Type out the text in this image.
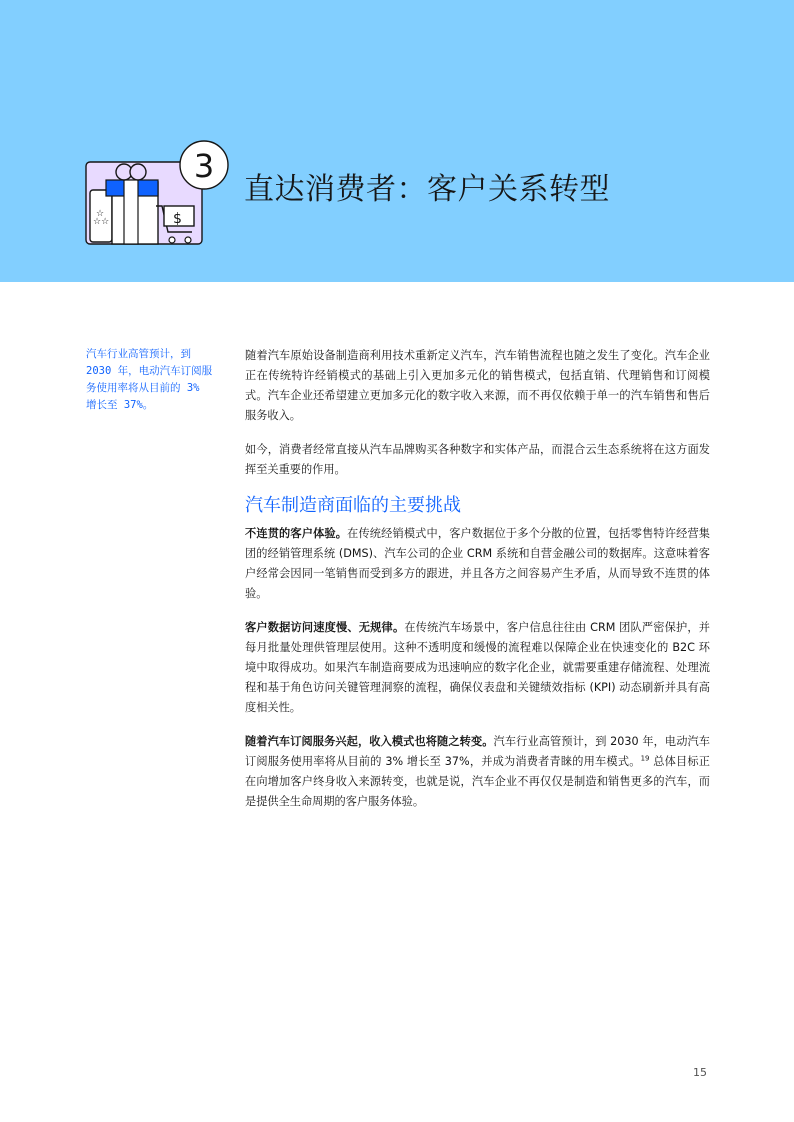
☆☆
☆	$
3
直达消费者：客户关系转型
汽车行业高管预计，到 2030 年，电动汽车订阅服务使用率将从目前的 3% 增长至 37%。

随着汽车原始设备制造商利用技术重新定义汽车，汽车销售流程也随之发生了变化。汽车企业正在传统特许经销模式的基础上引入更加多元化的销售模式，包括直销、代理销售和订阅模式。汽车企业还希望建立更加多元化的数字收入来源，而不再仅依赖于单一的汽车销售和售后服务收入。

如今，消费者经常直接从汽车品牌购买各种数字和实体产品，而混合云生态系统将在这方面发挥至关重要的作用。

汽车制造商面临的主要挑战

不连贯的客户体验。在传统经销模式中，客户数据位于多个分散的位置，包括零售特许经营集团的经销管理系统 (DMS)、汽车公司的企业 CRM 系统和自营金融公司的数据库。这意味着客户经常会因同一笔销售而受到多方的跟进，并且各方之间容易产生矛盾，从而导致不连贯的体验。

客户数据访问速度慢、无规律。在传统汽车场景中，客户信息往往由 CRM 团队严密保护，并每月批量处理供管理层使用。这种不透明度和缓慢的流程难以保障企业在快速变化的 B2C 环境中取得成功。如果汽车制造商要成为迅速响应的数字化企业，就需要重建存储流程、处理流程和基于角色访问关键管理洞察的流程，确保仪表盘和关键绩效指标 (KPI) 动态刷新并具有高度相关性。

随着汽车订阅服务兴起，收入模式也将随之转变。汽车行业高管预计，到 2030 年，电动汽车订阅服务使用率将从目前的 3% 增长至 37%，并成为消费者青睐的用车模式。$^{19}$ 总体目标正在向增加客户终身收入来源转变，也就是说，汽车企业不再仅仅是制造和销售更多的汽车，而是提供全生命周期的客户服务体验。

15
